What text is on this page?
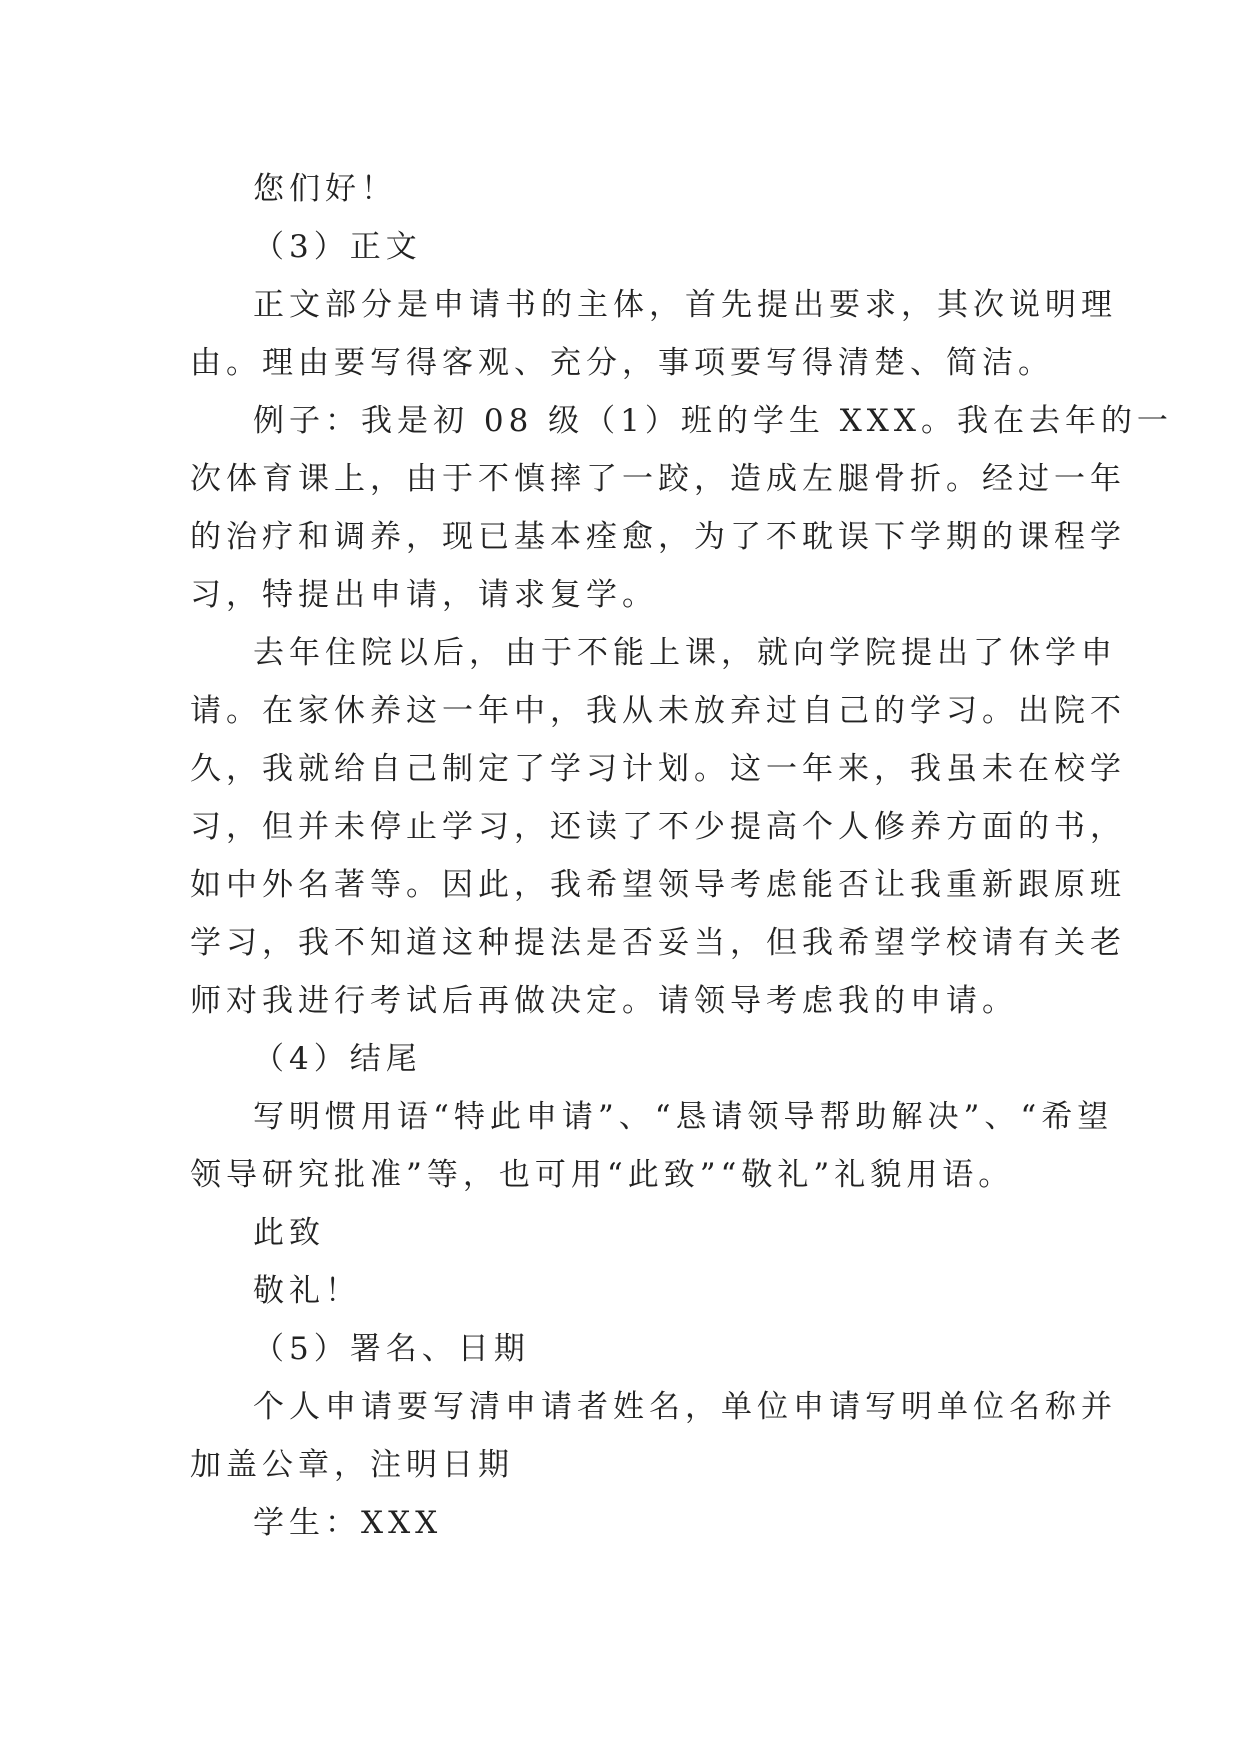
您们好！
（3）正文
正文部分是申请书的主体，首先提出要求，其次说明理
由。理由要写得客观、充分，事项要写得清楚、简洁。
例子：我是初 08 级（1）班的学生 XXX。我在去年的一
次体育课上，由于不慎摔了一跤，造成左腿骨折。经过一年
的治疗和调养，现已基本痊愈，为了不耽误下学期的课程学
习，特提出申请，请求复学。
去年住院以后，由于不能上课，就向学院提出了休学申
请。在家休养这一年中，我从未放弃过自己的学习。出院不
久，我就给自己制定了学习计划。这一年来，我虽未在校学
习，但并未停止学习，还读了不少提高个人修养方面的书，
如中外名著等。因此，我希望领导考虑能否让我重新跟原班
学习，我不知道这种提法是否妥当，但我希望学校请有关老
师对我进行考试后再做决定。请领导考虑我的申请。
（4）结尾
写明惯用语“特此申请”、“恳请领导帮助解决”、“希望
领导研究批准”等，也可用“此致”“敬礼”礼貌用语。
此致
敬礼！
（5）署名、日期
个人申请要写清申请者姓名，单位申请写明单位名称并
加盖公章，注明日期
学生：XXX
